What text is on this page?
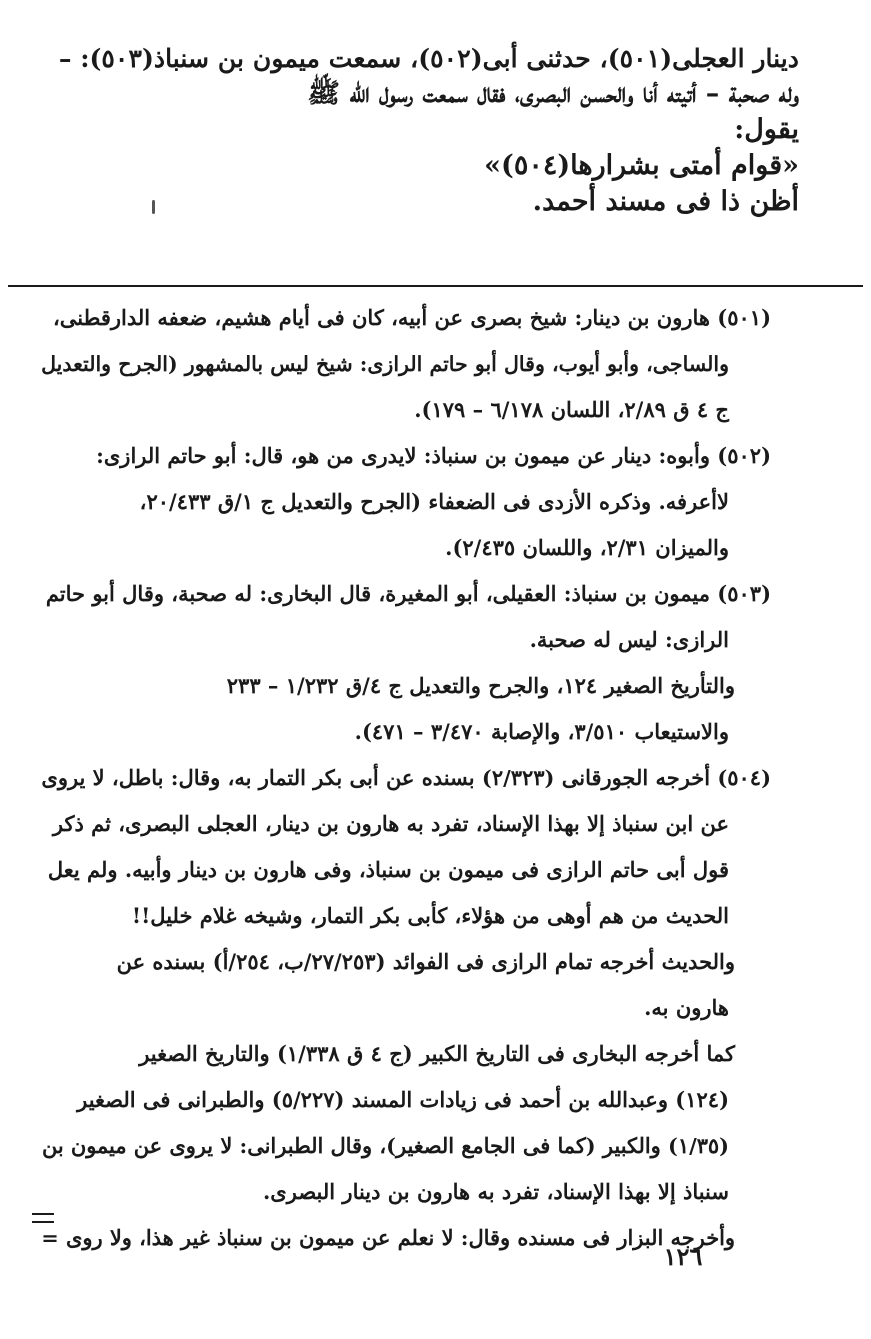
دينار العجلى(٥٠١)، حدثنى أبى(٥٠٢)، سمعت ميمون بن سنباذ(٥٠٣): –
وله صحبة – أتيته أنا والحسن البصرى، فقال سمعت رسول الله ﷺ
يقول:
«قوام أمتى بشرارها(٥٠٤)»
أظن ذا فى مسند أحمد.
(٥٠١) هارون بن دينار: شيخ بصرى عن أبيه، كان فى أيام هشيم، ضعفه الدارقطنى،
والساجى، وأبو أيوب، وقال أبو حاتم الرازى: شيخ ليس بالمشهور (الجرح والتعديل
ج ٤ ق ٢/٨٩، اللسان ٦/١٧٨ – ١٧٩).
(٥٠٢) وأبوه: دينار عن ميمون بن سنباذ: لايدرى من هو، قال: أبو حاتم الرازى:
لاأعرفه. وذكره الأزدى فى الضعفاء (الجرح والتعديل ج ١/ق ٢٠/٤٣٣،
والميزان ٢/٣١، واللسان ٢/٤٣٥).
(٥٠٣) ميمون بن سنباذ: العقيلى، أبو المغيرة، قال البخارى: له صحبة، وقال أبو حاتم
الرازى: ليس له صحبة.
والتأريخ الصغير ١٢٤، والجرح والتعديل ج ٤/ق ١/٢٣٢ – ٢٣٣
والاستيعاب ٣/٥١٠، والإصابة ٣/٤٧٠ – ٤٧١).
(٥٠٤) أخرجه الجورقانى (٢/٣٢٣) بسنده عن أبى بكر التمار به، وقال: باطل، لا يروى
عن ابن سنباذ إلا بهذا الإسناد، تفرد به هارون بن دينار، العجلى البصرى، ثم ذكر
قول أبى حاتم الرازى فى ميمون بن سنباذ، وفى هارون بن دينار وأبيه. ولم يعل
الحديث من هم أوهى من هؤلاء، كأبى بكر التمار، وشيخه غلام خليل!!
والحديث أخرجه تمام الرازى فى الفوائد (٢٧/٢٥٣/ب، ٢٥٤/أ) بسنده عن
هارون به.
كما أخرجه البخارى فى التاريخ الكبير (ج ٤ ق ١/٣٣٨) والتاريخ الصغير
(١٢٤) وعبدالله بن أحمد فى زيادات المسند (٥/٢٢٧) والطبرانى فى الصغير
(١/٣٥) والكبير (كما فى الجامع الصغير)، وقال الطبرانى: لا يروى عن ميمون بن
سنباذ إلا بهذا الإسناد، تفرد به هارون بن دينار البصرى.
وأخرجه البزار فى مسنده وقال: لا نعلم عن ميمون بن سنباذ غير هذا، ولا روى =
١٢٦
